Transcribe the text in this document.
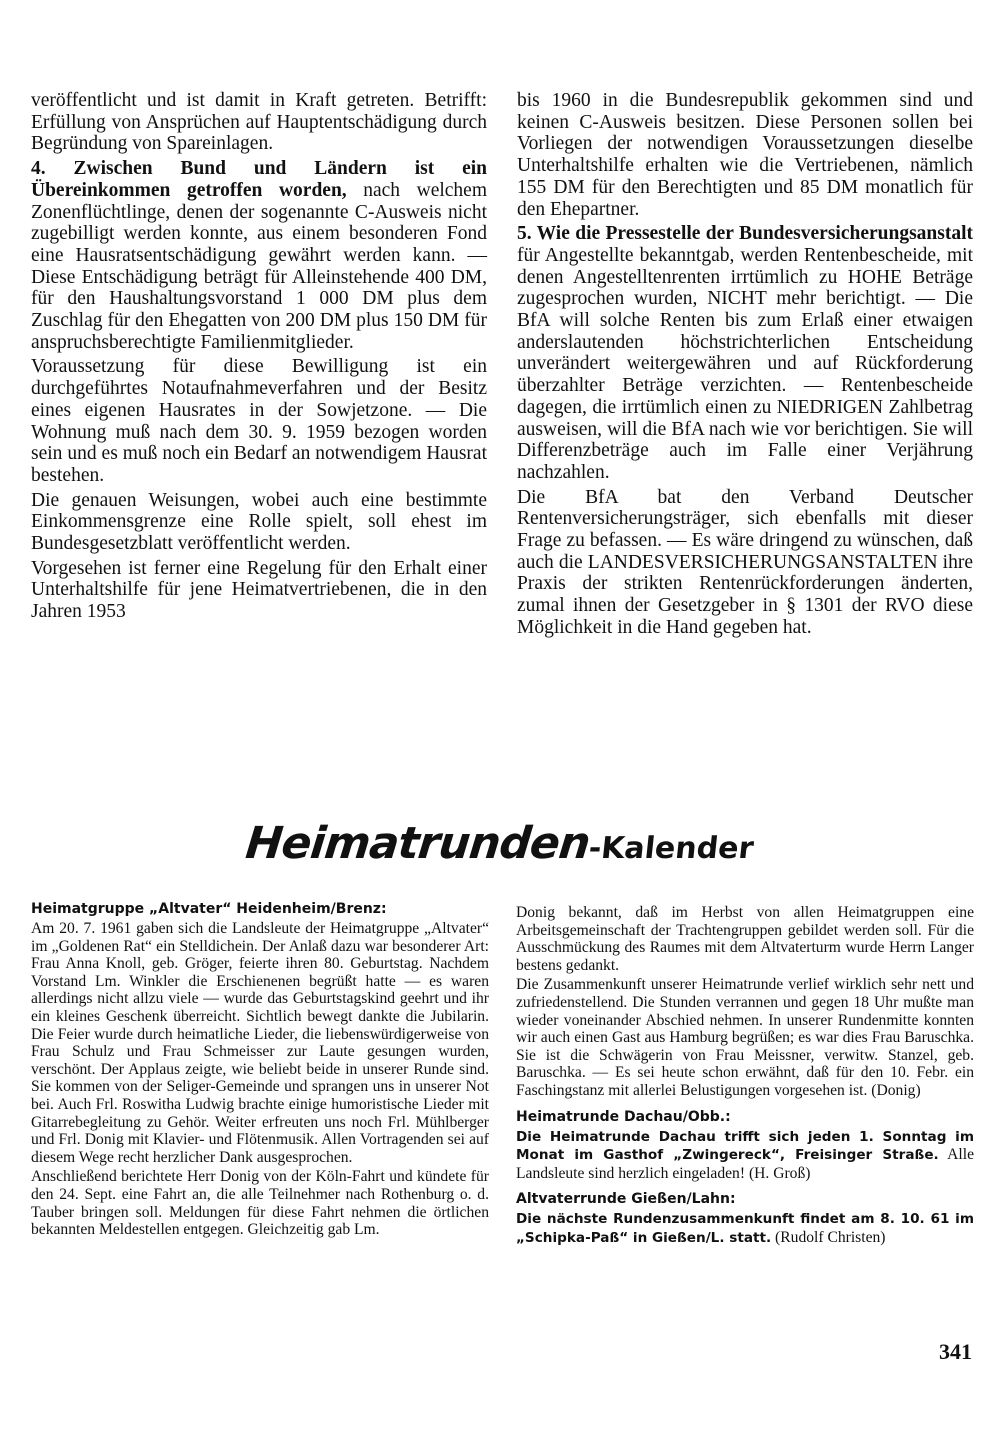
veröffentlicht und ist damit in Kraft getreten. Betrifft: Erfüllung von Ansprüchen auf Hauptentschädigung durch Begründung von Spareinlagen.

4. Zwischen Bund und Ländern ist ein Übereinkommen getroffen worden, nach welchem Zonenflüchtlinge, denen der sogenannte C-Ausweis nicht zugebilligt werden konnte, aus einem besonderen Fond eine Hausratsentschädigung gewährt werden kann. — Diese Entschädigung beträgt für Alleinstehende 400 DM, für den Haushaltungsvorstand 1 000 DM plus dem Zuschlag für den Ehegatten von 200 DM plus 150 DM für anspruchsberechtigte Familienmitglieder.

Voraussetzung für diese Bewilligung ist ein durchgeführtes Notaufnahmeverfahren und der Besitz eines eigenen Hausrates in der Sowjetzone. — Die Wohnung muß nach dem 30. 9. 1959 bezogen worden sein und es muß noch ein Bedarf an notwendigem Hausrat bestehen.

Die genauen Weisungen, wobei auch eine bestimmte Einkommensgrenze eine Rolle spielt, soll ehest im Bundesgesetzblatt veröffentlicht werden.

Vorgesehen ist ferner eine Regelung für den Erhalt einer Unterhaltshilfe für jene Heimatvertriebenen, die in den Jahren 1953

bis 1960 in die Bundesrepublik gekommen sind und keinen C-Ausweis besitzen. Diese Personen sollen bei Vorliegen der notwendigen Voraussetzungen dieselbe Unterhaltshilfe erhalten wie die Vertriebenen, nämlich 155 DM für den Berechtigten und 85 DM monatlich für den Ehepartner.

5. Wie die Pressestelle der Bundesversicherungsanstalt für Angestellte bekanntgab, werden Rentenbescheide, mit denen Angestelltenrenten irrtümlich zu HOHE Beträge zugesprochen wurden, NICHT mehr berichtigt. — Die BfA will solche Renten bis zum Erlaß einer etwaigen anderslautenden höchstrichterlichen Entscheidung unverändert weitergewähren und auf Rückforderung überzahlter Beträge verzichten. — Rentenbescheide dagegen, die irrtümlich einen zu NIEDRIGEN Zahlbetrag ausweisen, will die BfA nach wie vor berichtigen. Sie will Differenzbeträge auch im Falle einer Verjährung nachzahlen.

Die BfA bat den Verband Deutscher Rentenversicherungsträger, sich ebenfalls mit dieser Frage zu befassen. — Es wäre dringend zu wünschen, daß auch die LANDESVERSICHERUNGSANSTALTEN ihre Praxis der strikten Rentenrückforderungen änderten, zumal ihnen der Gesetzgeber in § 1301 der RVO diese Möglichkeit in die Hand gegeben hat.

Heimatrunden-Kalender
Heimatgruppe „Altvater“ Heidenheim/Brenz:

Am 20. 7. 1961 gaben sich die Landsleute der Heimatgruppe „Altvater“ im „Goldenen Rat“ ein Stelldichein. Der Anlaß dazu war besonderer Art: Frau Anna Knoll, geb. Gröger, feierte ihren 80. Geburtstag. Nachdem Vorstand Lm. Winkler die Erschienenen begrüßt hatte — es waren allerdings nicht allzu viele — wurde das Geburtstagskind geehrt und ihr ein kleines Geschenk überreicht. Sichtlich bewegt dankte die Jubilarin. Die Feier wurde durch heimatliche Lieder, die liebenswürdigerweise von Frau Schulz und Frau Schmeisser zur Laute gesungen wurden, verschönt. Der Applaus zeigte, wie beliebt beide in unserer Runde sind. Sie kommen von der Seliger-Gemeinde und sprangen uns in unserer Not bei. Auch Frl. Roswitha Ludwig brachte einige humoristische Lieder mit Gitarrebegleitung zu Gehör. Weiter erfreuten uns noch Frl. Mühlberger und Frl. Donig mit Klavier- und Flötenmusik. Allen Vortragenden sei auf diesem Wege recht herzlicher Dank ausgesprochen.

Anschließend berichtete Herr Donig von der Köln-Fahrt und kündete für den 24. Sept. eine Fahrt an, die alle Teilnehmer nach Rothenburg o. d. Tauber bringen soll. Meldungen für diese Fahrt nehmen die örtlichen bekannten Meldestellen entgegen. Gleichzeitig gab Lm.

Donig bekannt, daß im Herbst von allen Heimatgruppen eine Arbeitsgemeinschaft der Trachtengruppen gebildet werden soll. Für die Ausschmückung des Raumes mit dem Altvaterturm wurde Herrn Langer bestens gedankt.

Die Zusammenkunft unserer Heimatrunde verlief wirklich sehr nett und zufriedenstellend. Die Stunden verrannen und gegen 18 Uhr mußte man wieder voneinander Abschied nehmen. In unserer Rundenmitte konnten wir auch einen Gast aus Hamburg begrüßen; es war dies Frau Baruschka. Sie ist die Schwägerin von Frau Meissner, verwitw. Stanzel, geb. Baruschka. — Es sei heute schon erwähnt, daß für den 10. Febr. ein Faschingstanz mit allerlei Belustigungen vorgesehen ist. (Donig)

Heimatrunde Dachau/Obb.:

Die Heimatrunde Dachau trifft sich jeden 1. Sonntag im Monat im Gasthof „Zwingereck“, Freisinger Straße. Alle Landsleute sind herzlich eingeladen! (H. Groß)

Altvaterrunde Gießen/Lahn:

Die nächste Rundenzusammenkunft findet am 8. 10. 61 im „Schipka-Paß“ in Gießen/L. statt. (Rudolf Christen)

341
